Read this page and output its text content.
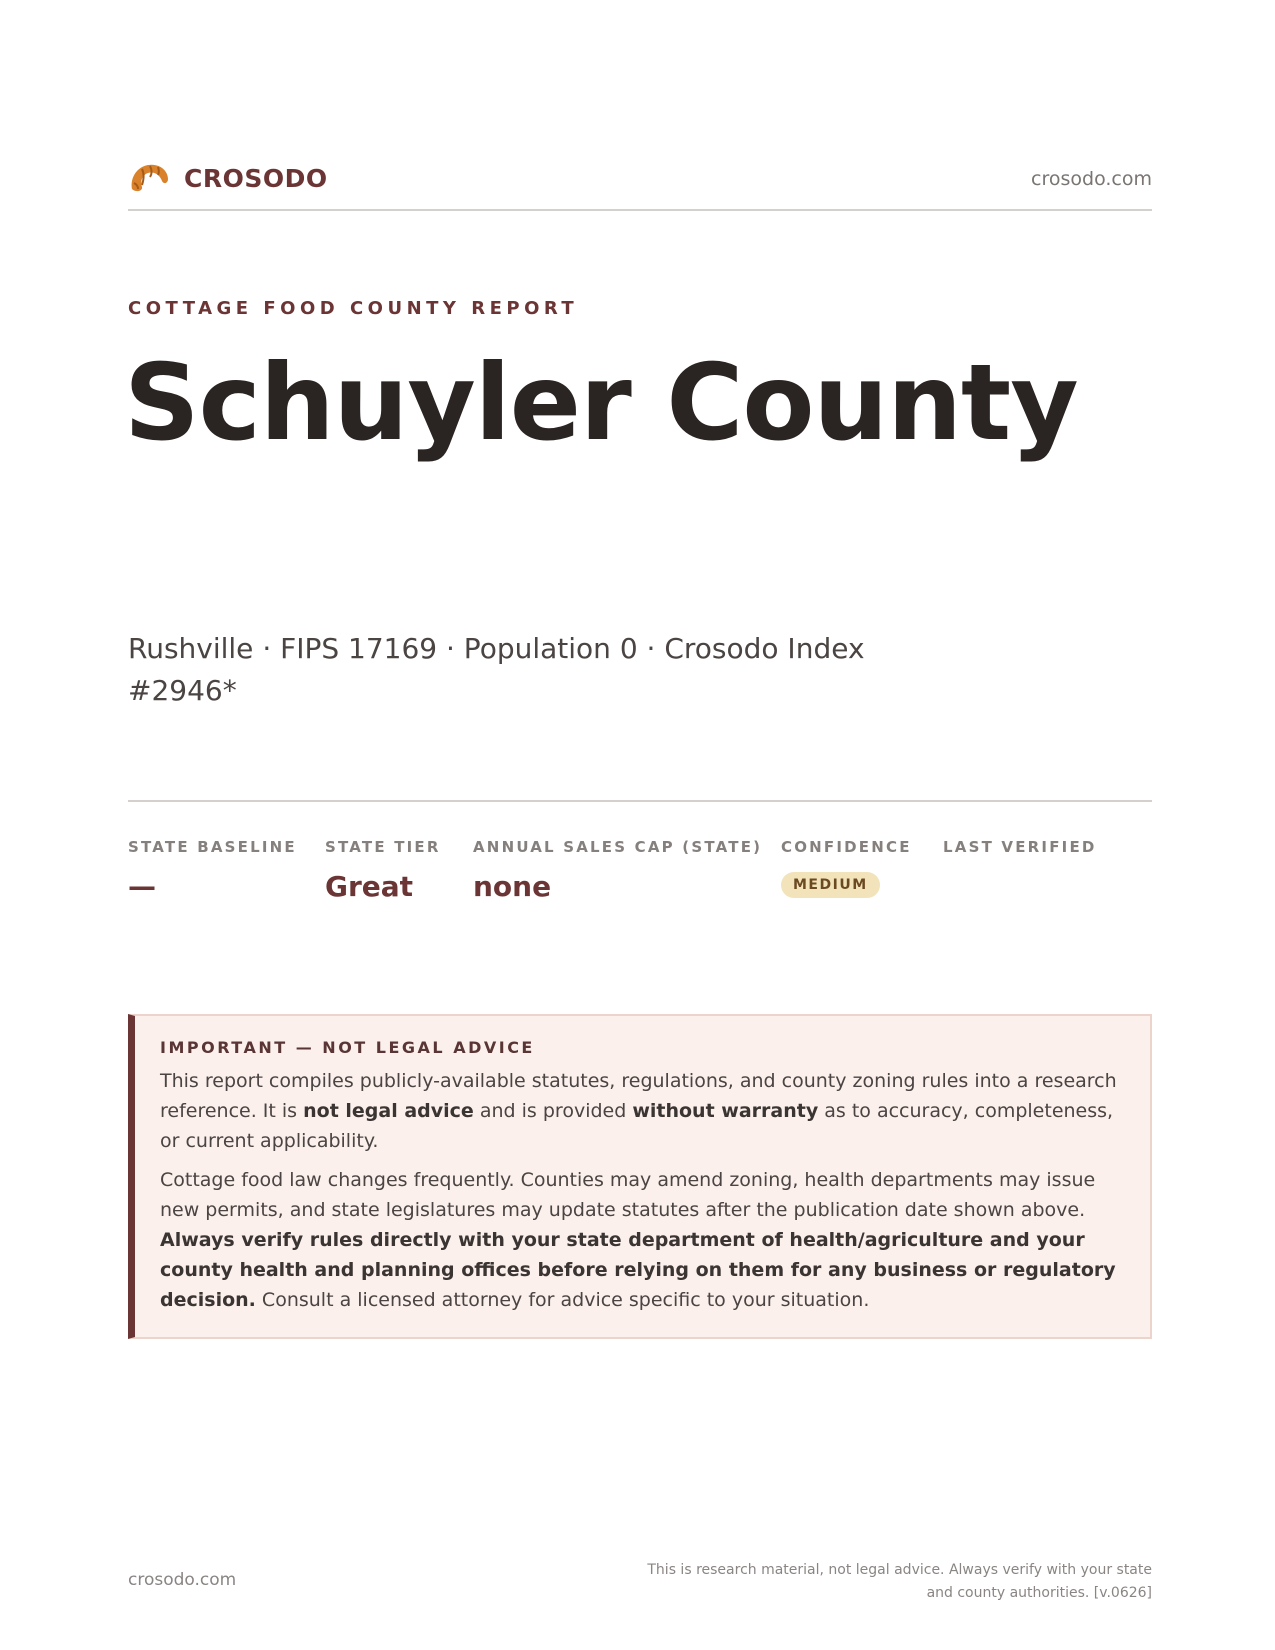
CROSODO	crosodo.com
COTTAGE FOOD COUNTY REPORT
Schuyler County
Rushville · FIPS 17169 · Population 0 · Crosodo Index #2946*
STATE BASELINE
—
STATE TIER
Great
ANNUAL SALES CAP (STATE)
none
CONFIDENCE
MEDIUM
LAST VERIFIED
IMPORTANT — NOT LEGAL ADVICE

This report compiles publicly-available statutes, regulations, and county zoning rules into a research reference. It is not legal advice and is provided without warranty as to accuracy, completeness, or current applicability.

Cottage food law changes frequently. Counties may amend zoning, health departments may issue new permits, and state legislatures may update statutes after the publication date shown above. Always verify rules directly with your state department of health/agriculture and your county health and planning offices before relying on them for any business or regulatory decision. Consult a licensed attorney for advice specific to your situation.

crosodo.com	This is research material, not legal advice. Always verify with your state and county authorities. [v.0626]
